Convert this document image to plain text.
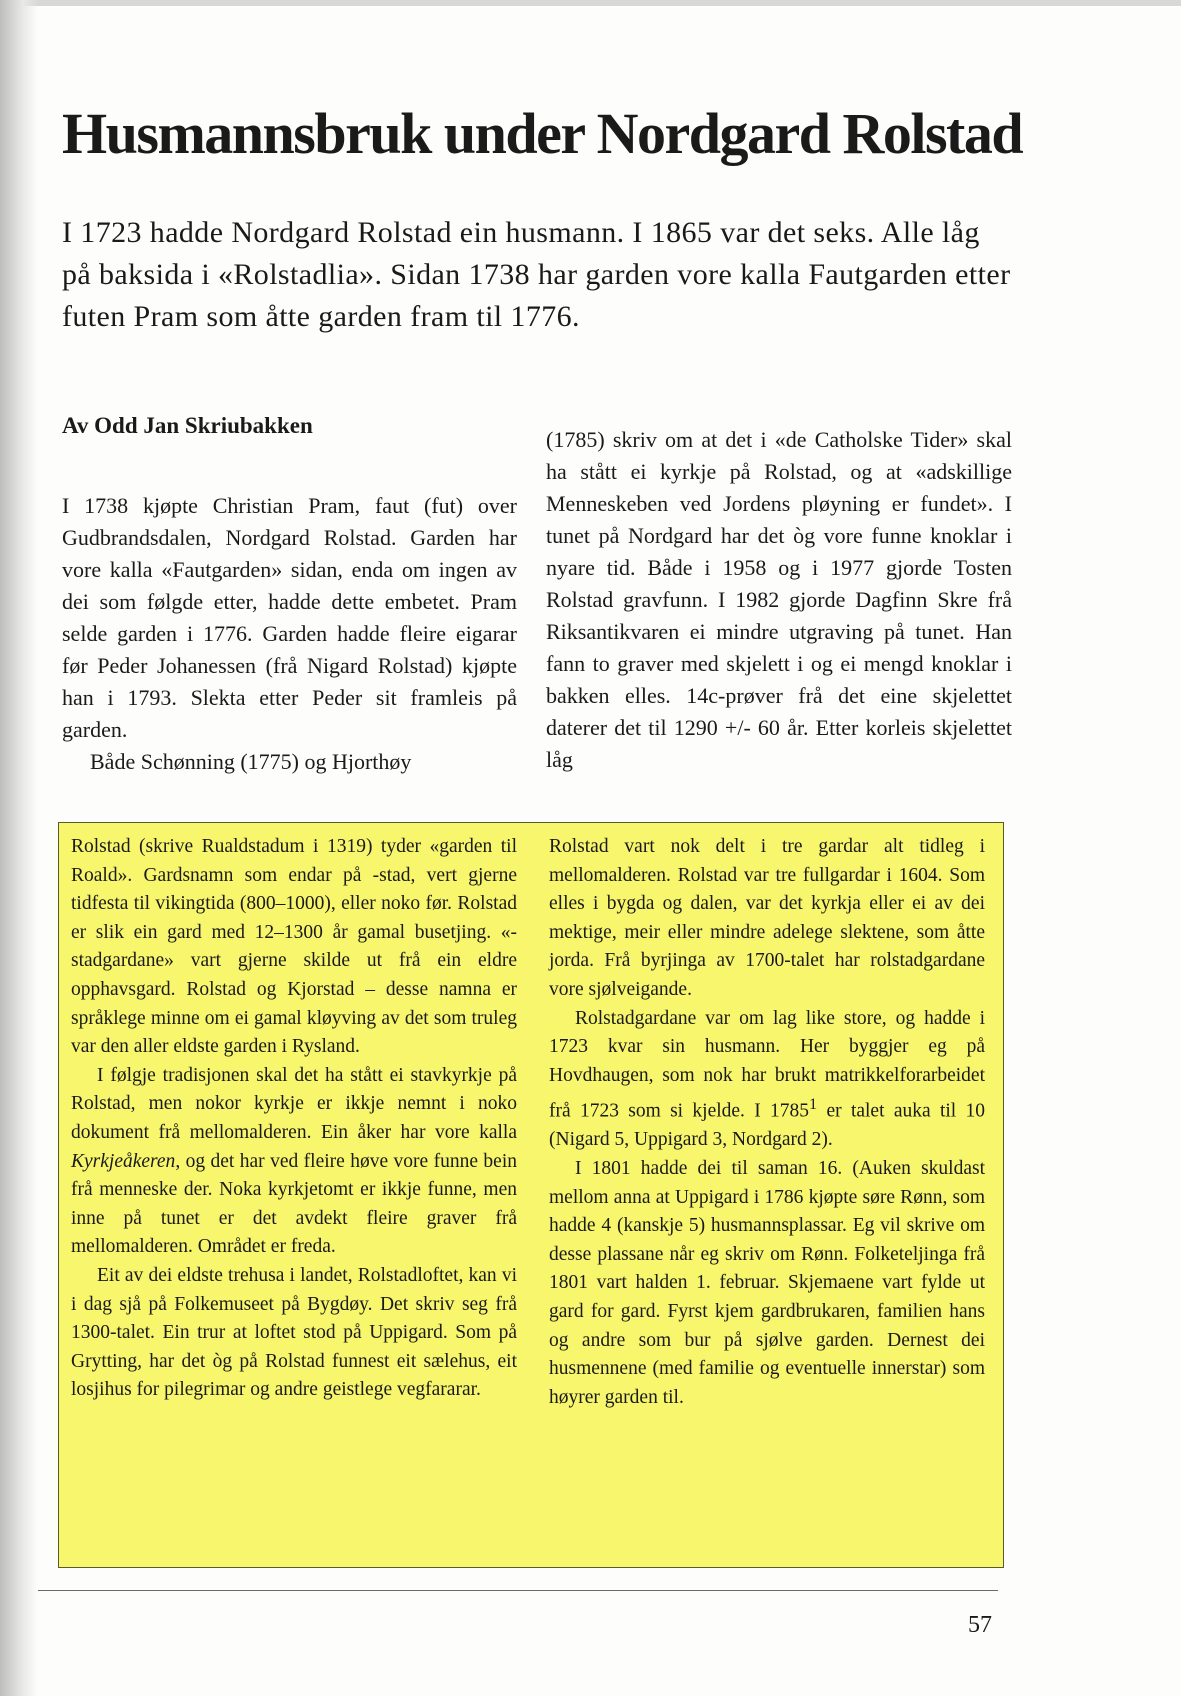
Husmannsbruk under Nordgard Rolstad

I 1723 hadde Nordgard Rolstad ein husmann. I 1865 var det seks. Alle låg på baksida i «Rolstadlia». Sidan 1738 har garden vore kalla Fautgarden etter futen Pram som åtte garden fram til 1776.

Av Odd Jan Skriubakken

I 1738 kjøpte Christian Pram, faut (fut) over Gudbrandsdalen, Nordgard Rolstad. Garden har vore kalla «Fautgarden» sidan, enda om ingen av dei som følgde etter, hadde dette embetet. Pram selde garden i 1776. Garden hadde fleire eigarar før Peder Johanessen (frå Nigard Rolstad) kjøpte han i 1793. Slekta etter Peder sit framleis på garden.

Både Schønning (1775) og Hjorthøy

(1785) skriv om at det i «de Catholske Tider» skal ha stått ei kyrkje på Rolstad, og at «adskillige Menneskeben ved Jordens pløyning er fundet». I tunet på Nordgard har det òg vore funne knoklar i nyare tid. Både i 1958 og i 1977 gjorde Tosten Rolstad gravfunn. I 1982 gjorde Dagfinn Skre frå Riksantikvaren ei mindre utgraving på tunet. Han fann to graver med skjelett i og ei mengd knoklar i bakken elles. 14c-prøver frå det eine skjelettet daterer det til 1290 +/- 60 år. Etter korleis skjelettet låg

Rolstad (skrive Rualdstadum i 1319) tyder «garden til Roald». Gardsnamn som endar på -stad, vert gjerne tidfesta til vikingtida (800–1000), eller noko før. Rolstad er slik ein gard med 12–1300 år gamal busetjing. «-stadgardane» vart gjerne skilde ut frå ein eldre opphavsgard. Rolstad og Kjorstad – desse namna er språklege minne om ei gamal kløyving av det som truleg var den aller eldste garden i Rysland.

I følgje tradisjonen skal det ha stått ei stavkyrkje på Rolstad, men nokor kyrkje er ikkje nemnt i noko dokument frå mellomalderen. Ein åker har vore kalla Kyrkjeåkeren, og det har ved fleire høve vore funne bein frå menneske der. Noka kyrkjetomt er ikkje funne, men inne på tunet er det avdekt fleire graver frå mellomalderen. Området er freda.

Eit av dei eldste trehusa i landet, Rolstadloftet, kan vi i dag sjå på Folkemuseet på Bygdøy. Det skriv seg frå 1300-talet. Ein trur at loftet stod på Uppigard. Som på Grytting, har det òg på Rolstad funnest eit sælehus, eit losjihus for pilegrimar og andre geistlege vegfararar.

Rolstad vart nok delt i tre gardar alt tidleg i mellomalderen. Rolstad var tre fullgardar i 1604. Som elles i bygda og dalen, var det kyrkja eller ei av dei mektige, meir eller mindre adelege slektene, som åtte jorda. Frå byrjinga av 1700-talet har rolstadgardane vore sjølveigande.

Rolstadgardane var om lag like store, og hadde i 1723 kvar sin husmann. Her byggjer eg på Hovdhaugen, som nok har brukt matrikkelforarbeidet frå 1723 som si kjelde. I 1785$^1$ er talet auka til 10 (Nigard 5, Uppigard 3, Nordgard 2).

I 1801 hadde dei til saman 16. (Auken skuldast mellom anna at Uppigard i 1786 kjøpte søre Rønn, som hadde 4 (kanskje 5) husmannsplassar. Eg vil skrive om desse plassane når eg skriv om Rønn. Folketeljinga frå 1801 vart halden 1. februar. Skjemaene vart fylde ut gard for gard. Fyrst kjem gardbrukaren, familien hans og andre som bur på sjølve garden. Dernest dei husmennene (med familie og eventuelle innerstar) som høyrer garden til.

57
